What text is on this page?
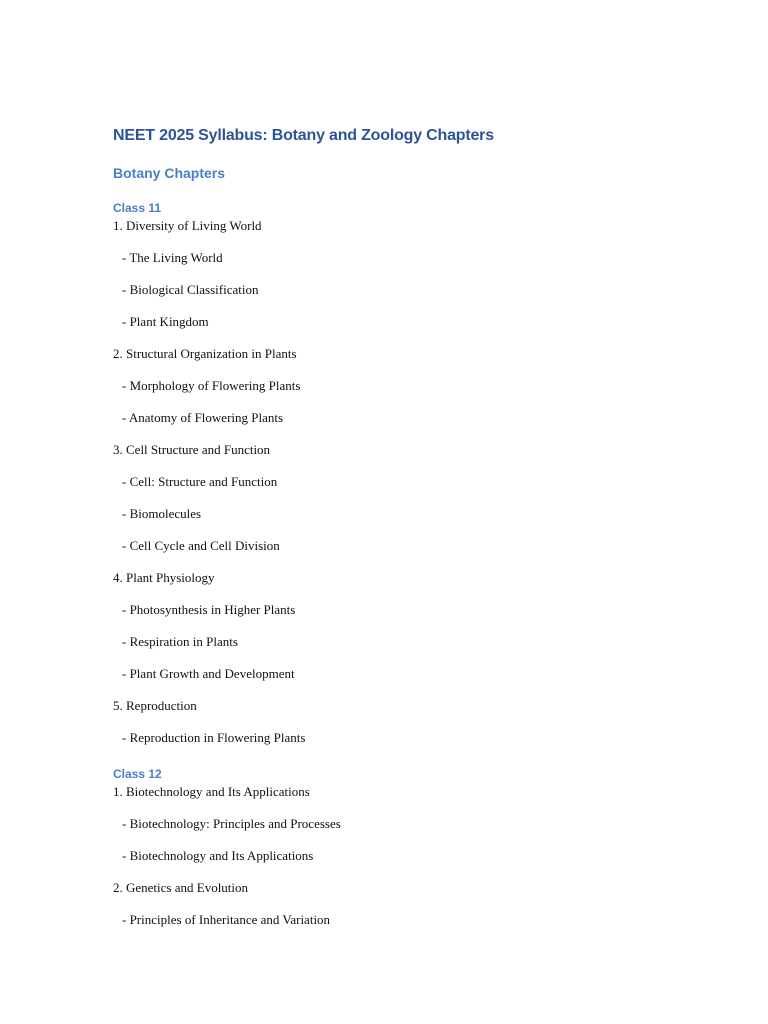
NEET 2025 Syllabus: Botany and Zoology Chapters
Botany Chapters
Class 11
1. Diversity of Living World
- The Living World
- Biological Classification
- Plant Kingdom
2. Structural Organization in Plants
- Morphology of Flowering Plants
- Anatomy of Flowering Plants
3. Cell Structure and Function
- Cell: Structure and Function
- Biomolecules
- Cell Cycle and Cell Division
4. Plant Physiology
- Photosynthesis in Higher Plants
- Respiration in Plants
- Plant Growth and Development
5. Reproduction
- Reproduction in Flowering Plants
Class 12
1. Biotechnology and Its Applications
- Biotechnology: Principles and Processes
- Biotechnology and Its Applications
2. Genetics and Evolution
- Principles of Inheritance and Variation
